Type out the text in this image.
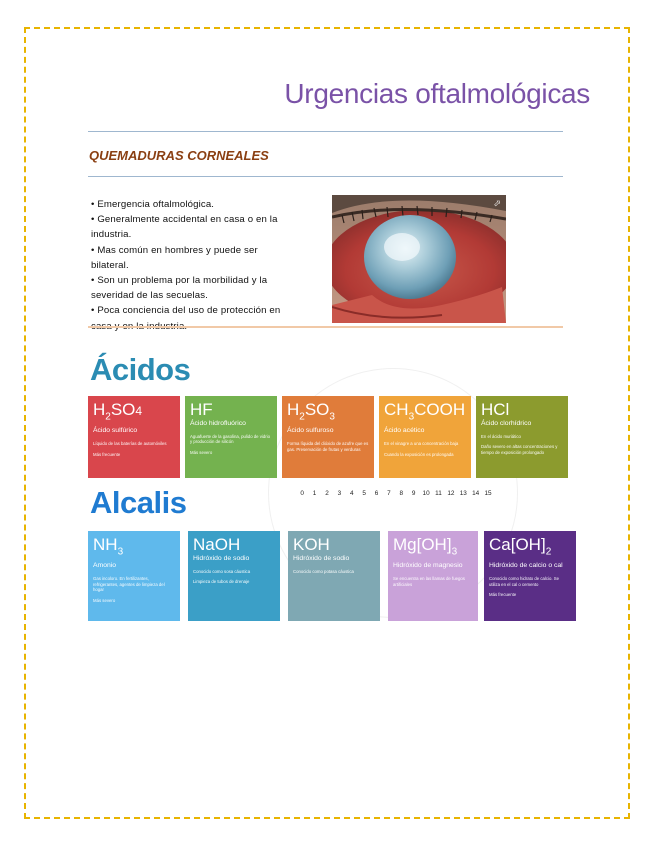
Urgencias oftalmológicas
QUEMADURAS CORNEALES
• Emergencia oftalmológica.
• Generalmente accidental en casa o en la
industria.
• Mas común en hombres y puede ser
bilateral.
• Son un problema por la morbilidad y la
severidad de las secuelas.
• Poca conciencia del uso de protección en
⬀
Ácidos
$H_2SO4$
Ácido sulfúrico
Líquido de las baterías de automóviles
Más frecuente
HF
Ácido hidrofluórico
Aguafuerte de la gasolina, pulido de vidrio y producción de silicón
Más severo
$H_2SO_3$
Ácido sulfuroso
Forma líquida del dióxido de azufre que es gas. Preservación de frutas y verduras
$CH_3COOH$
Ácido acético
En el vinagre a una concentración baja
Cuando la exposición es prolongada
HCl
Ácido clorhídrico
En el ácido muriático
Daño severo en altas concentraciones y tiempo de exposición prolongado
0	1	2	3	4	5	6	7	8	9	10 11 12 13 14 15
Alcalis
$NH_3$
Amonio
Gas incoloro. En fertilizantes, refrigerantes, agentes de limpieza del hogar
Más severo
NaOH
Hidróxido de sodio
Conocido como sosa cáustica
Limpieza de tubos de drenaje
KOH
Hidróxido de sodio
Conocido como potasa cáustica
$Mg[OH]_3$
Hidróxido de magnesio
Se encuentra en las llamas de fuegos artificiales
$Ca[OH]_2$
Hidróxido de calcio o cal
Conocido como hidrato de calcio. Se utiliza en el cal o cemento
Más frecuente
